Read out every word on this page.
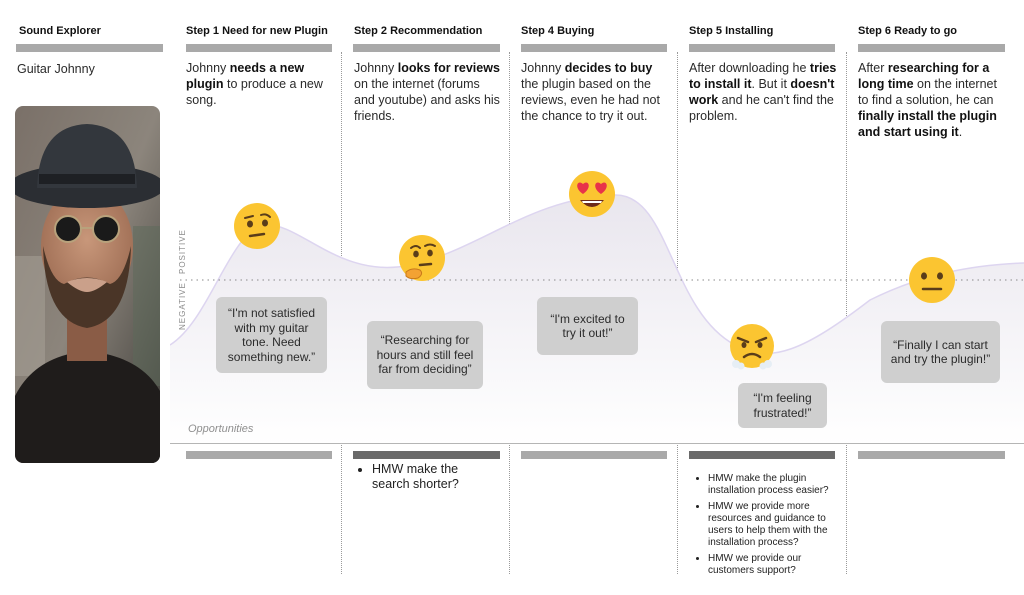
Sound Explorer
Guitar Johnny
Step 1 Need for new Plugin Step 2 Recommendation	Step 4 Buying	Step 5 Installing	Step 6 Ready to go
Johnny needs a new plugin to produce a new song.
Johnny looks for reviews on the internet (forums and youtube) and asks his friends.
Johnny decides to buy the plugin based on the reviews, even he had not the chance to try it out.
After downloading he tries to install it. But it doesn't work and he can't find the problem.
After researching for a long time on the internet to find a solution, he can finally install the plugin and start using it.
POSITIVE
NEGATIVE	“I'm not satisfied with my guitar tone. Need something new.”
“Researching for hours and still feel far from deciding”
“I'm excited to try it out!”
“I'm feeling frustrated!”
“Finally I can start and try the plugin!”
Opportunities
• HMW make the search shorter?
•	HMW make the plugin installation process easier?
• HMW we provide more resources and guidance to users to help them with the installation process?
• HMW we provide our customers support?
